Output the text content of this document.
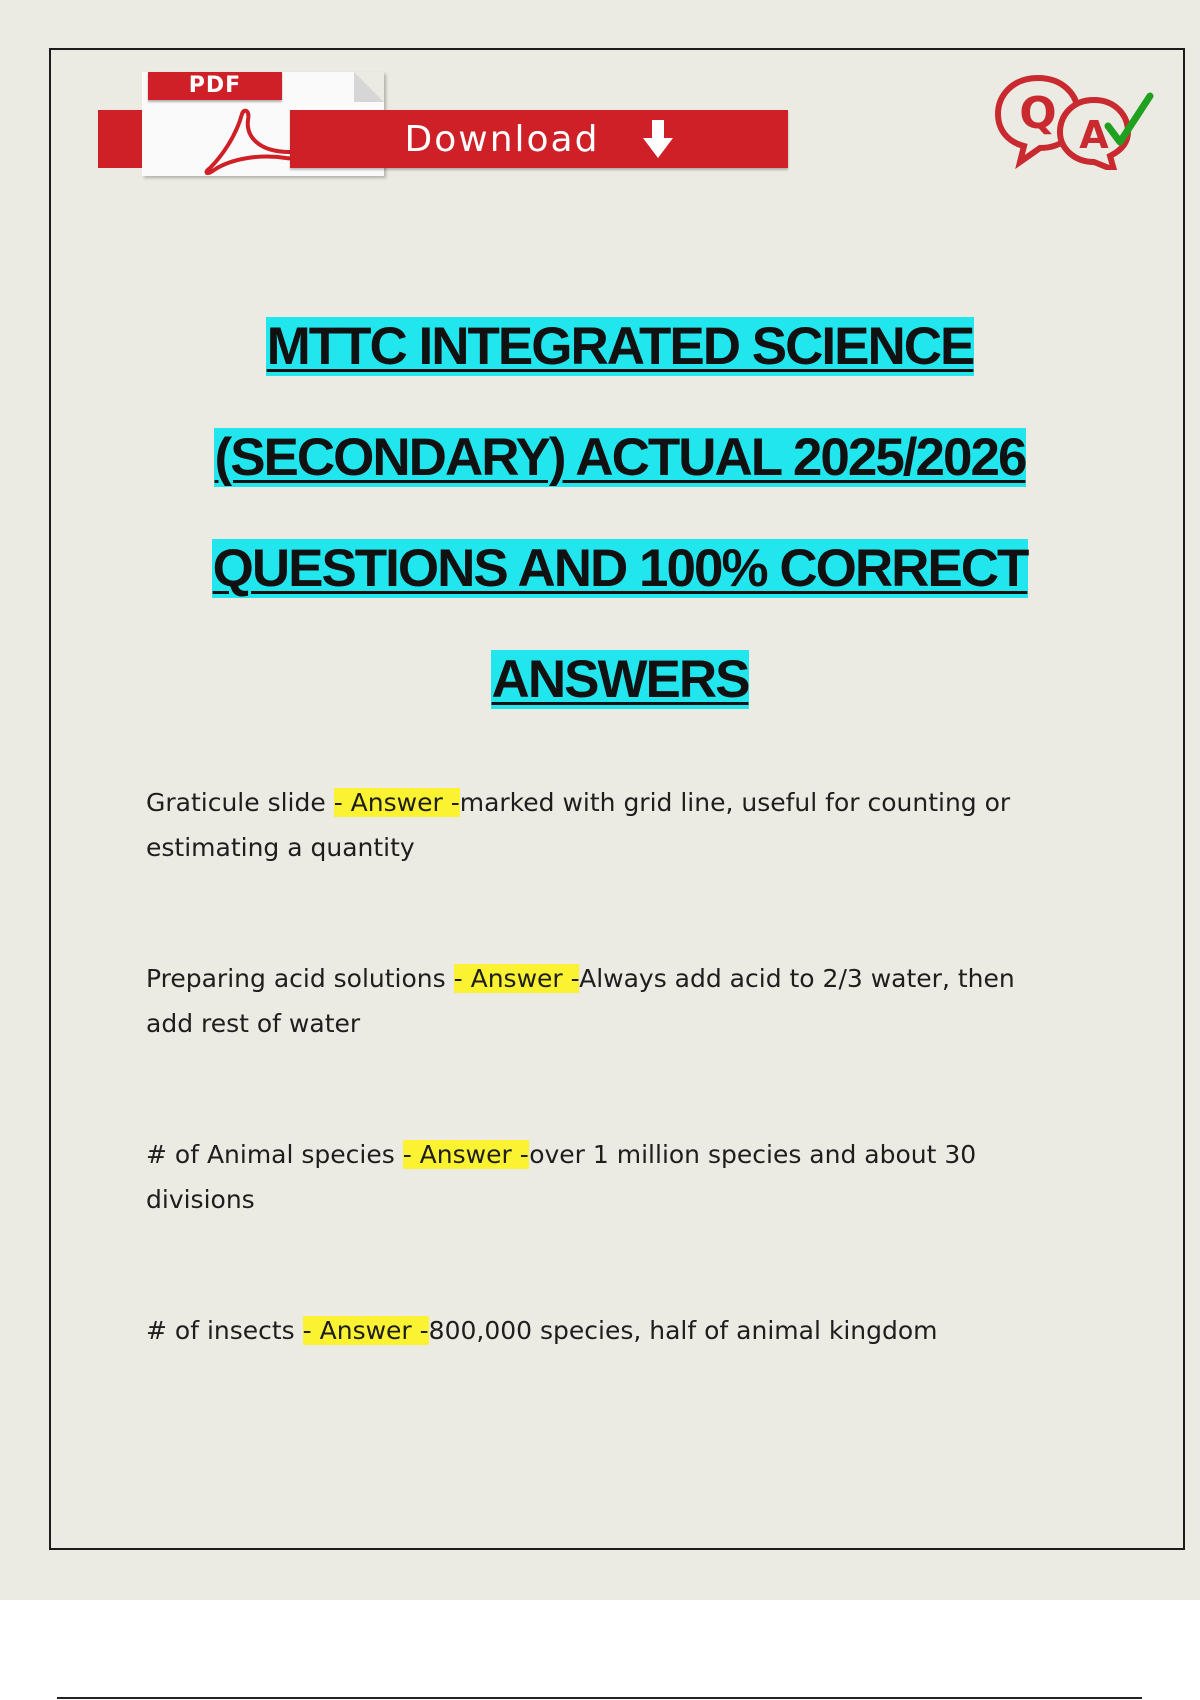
PDF
Download	Q A
MTTC INTEGRATED SCIENCE
(SECONDARY) ACTUAL 2025/2026
QUESTIONS AND 100% CORRECT
ANSWERS
Graticule slide - Answer -marked with grid line, useful for counting or estimating a quantity
Preparing acid solutions - Answer -Always add acid to 2/3 water, then add rest of water
# of Animal species - Answer -over 1 million species and about 30 divisions
# of insects - Answer -800,000 species, half of animal kingdom
